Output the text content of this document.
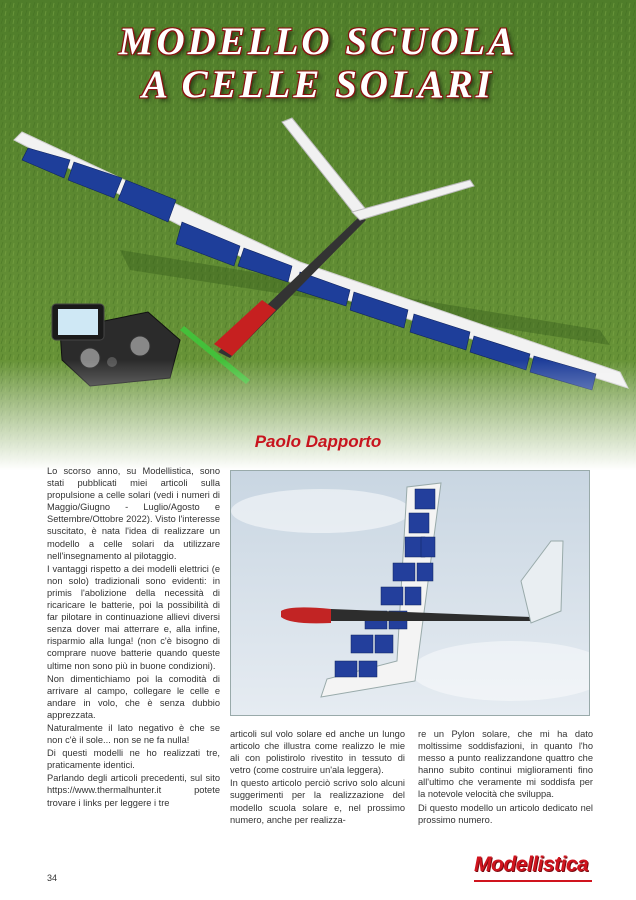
MODELLO SCUOLA
A CELLE SOLARI
Paolo Dapporto

Lo scorso anno, su Modellistica, sono stati pubblicati miei articoli sulla propulsione a celle solari (vedi i numeri di Maggio/Giugno - Luglio/Agosto e Settembre/Ottobre 2022). Visto l'interesse suscitato, è nata l'idea di realizzare un modello a celle solari da utilizzare nell'insegnamento al pilotaggio.

I vantaggi rispetto a dei modelli elettrici (e non solo) tradizionali sono evidenti: in primis l'abolizione della necessità di ricaricare le batterie, poi la possibilità di far pilotare in continuazione allievi diversi senza dover mai atterrare e, alla infine, risparmio alla lunga! (non c'è bisogno di comprare nuove batterie quando queste ultime non sono più in buone condizioni).

Non dimentichiamo poi la comodità di arrivare al campo, collegare le celle e andare in volo, che è senza dubbio apprezzata.

Naturalmente il lato negativo è che se non c'è il sole... non se ne fa nulla!

Di questi modelli ne ho realizzati tre, praticamente identici.

Parlando degli articoli precedenti, sul sito https://www.thermalhunter.it potete trovare i links per leggere i tre

articoli sul volo solare ed anche un lungo articolo che illustra come realizzo le mie ali con polistirolo rivestito in tessuto di vetro (come costruire un'ala leggera).

In questo articolo perciò scrivo solo alcuni suggerimenti per la realizzazione del modello scuola solare e, nel prossimo numero, anche per realizza-

re un Pylon solare, che mi ha dato moltissime soddisfazioni, in quanto l'ho messo a punto realizzandone quattro che hanno subito continui miglioramenti fino all'ultimo che veramente mi soddisfa per la notevole velocità che sviluppa.

Di questo modello un articolo dedicato nel prossimo numero.

34
Modellistica
